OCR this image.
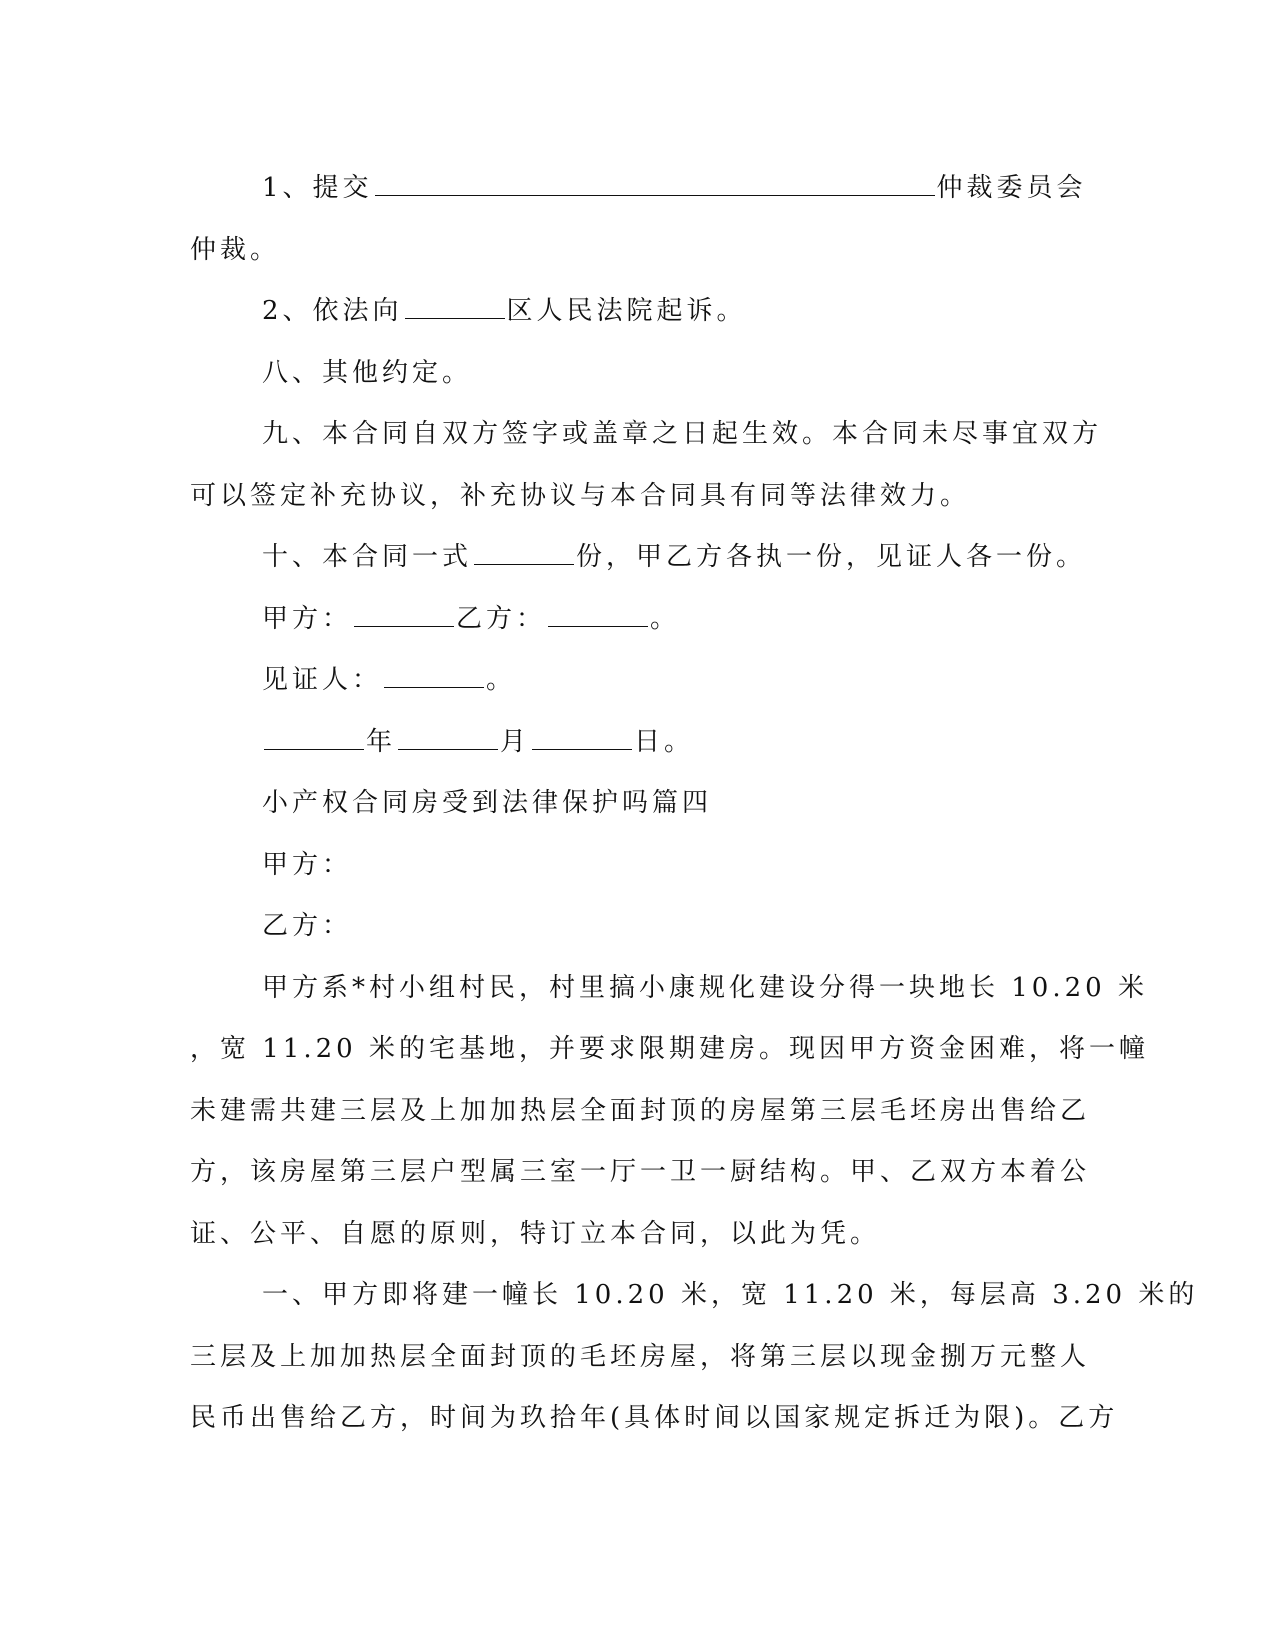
1、提交	仲裁委员会
仲裁。
2、依法向	区人民法院起诉。
八、其他约定。
九、本合同自双方签字或盖章之日起生效。本合同未尽事宜双方
可以签定补充协议，补充协议与本合同具有同等法律效力。
十、本合同一式	份，甲乙方各执一份，见证人各一份。
甲方：	乙方：	。
见证人：	。
年	月	日。
小产权合同房受到法律保护吗篇四
甲方：
乙方：
甲方系*村小组村民，村里搞小康规化建设分得一块地长 10.20 米
，宽 11.20 米的宅基地，并要求限期建房。现因甲方资金困难，将一幢
未建需共建三层及上加加热层全面封顶的房屋第三层毛坯房出售给乙
方，该房屋第三层户型属三室一厅一卫一厨结构。甲、乙双方本着公
证、公平、自愿的原则，特订立本合同，以此为凭。
一、甲方即将建一幢长 10.20 米，宽 11.20 米，每层高 3.20 米的
三层及上加加热层全面封顶的毛坯房屋，将第三层以现金捌万元整人
民币出售给乙方，时间为玖拾年(具体时间以国家规定拆迁为限)。乙方
